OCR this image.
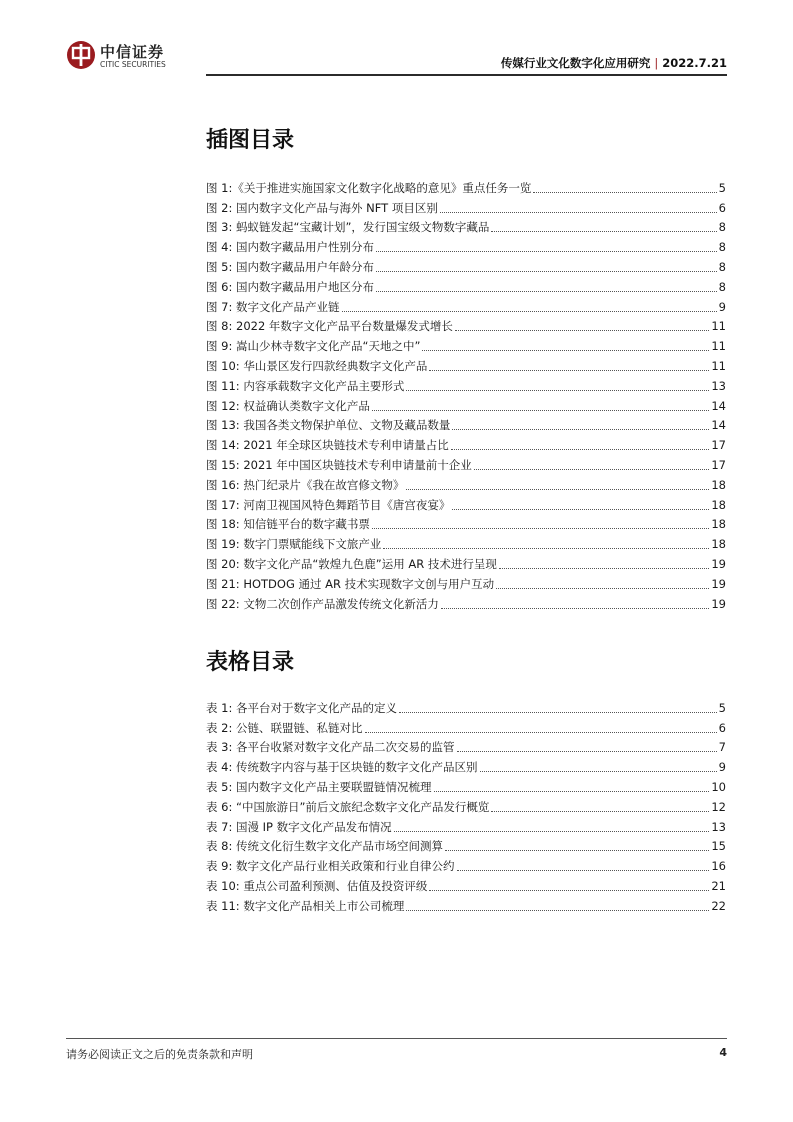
中信证券
CITIC SECURITIES	传媒行业文化数字化应用研究 | 2022.7.21
插图目录
图 1:《关于推进实施国家文化数字化战略的意见》重点任务一览	5
图 2: 国内数字文化产品与海外 NFT 项目区别	6
图 3: 蚂蚁链发起“宝藏计划”，发行国宝级文物数字藏品	8
图 4: 国内数字藏品用户性别分布	8
图 5: 国内数字藏品用户年龄分布	8
图 6: 国内数字藏品用户地区分布	8
图 7: 数字文化产品产业链	9
图 8: 2022 年数字文化产品平台数量爆发式增长	11
图 9: 嵩山少林寺数字文化产品“天地之中”	11
图 10: 华山景区发行四款经典数字文化产品	11
图 11: 内容承载数字文化产品主要形式	13
图 12: 权益确认类数字文化产品	14
图 13: 我国各类文物保护单位、文物及藏品数量	14
图 14: 2021 年全球区块链技术专利申请量占比	17
图 15: 2021 年中国区块链技术专利申请量前十企业	17
图 16: 热门纪录片《我在故宫修文物》	18
图 17: 河南卫视国风特色舞蹈节目《唐宫夜宴》	18
图 18: 知信链平台的数字藏书票	18
图 19: 数字门票赋能线下文旅产业	18
图 20: 数字文化产品“敦煌九色鹿”运用 AR 技术进行呈现	19
图 21: HOTDOG 通过 AR 技术实现数字文创与用户互动	19
图 22: 文物二次创作产品激发传统文化新活力	19
表格目录
表 1: 各平台对于数字文化产品的定义	5
表 2: 公链、联盟链、私链对比	6
表 3: 各平台收紧对数字文化产品二次交易的监管	7
表 4: 传统数字内容与基于区块链的数字文化产品区别	9
表 5: 国内数字文化产品主要联盟链情况梳理	10
表 6: “中国旅游日”前后文旅纪念数字文化产品发行概览	12
表 7: 国漫 IP 数字文化产品发布情况	13
表 8: 传统文化衍生数字文化产品市场空间测算	15
表 9: 数字文化产品行业相关政策和行业自律公约	16
表 10: 重点公司盈利预测、估值及投资评级	21
表 11: 数字文化产品相关上市公司梳理	22
请务必阅读正文之后的免责条款和声明	4
